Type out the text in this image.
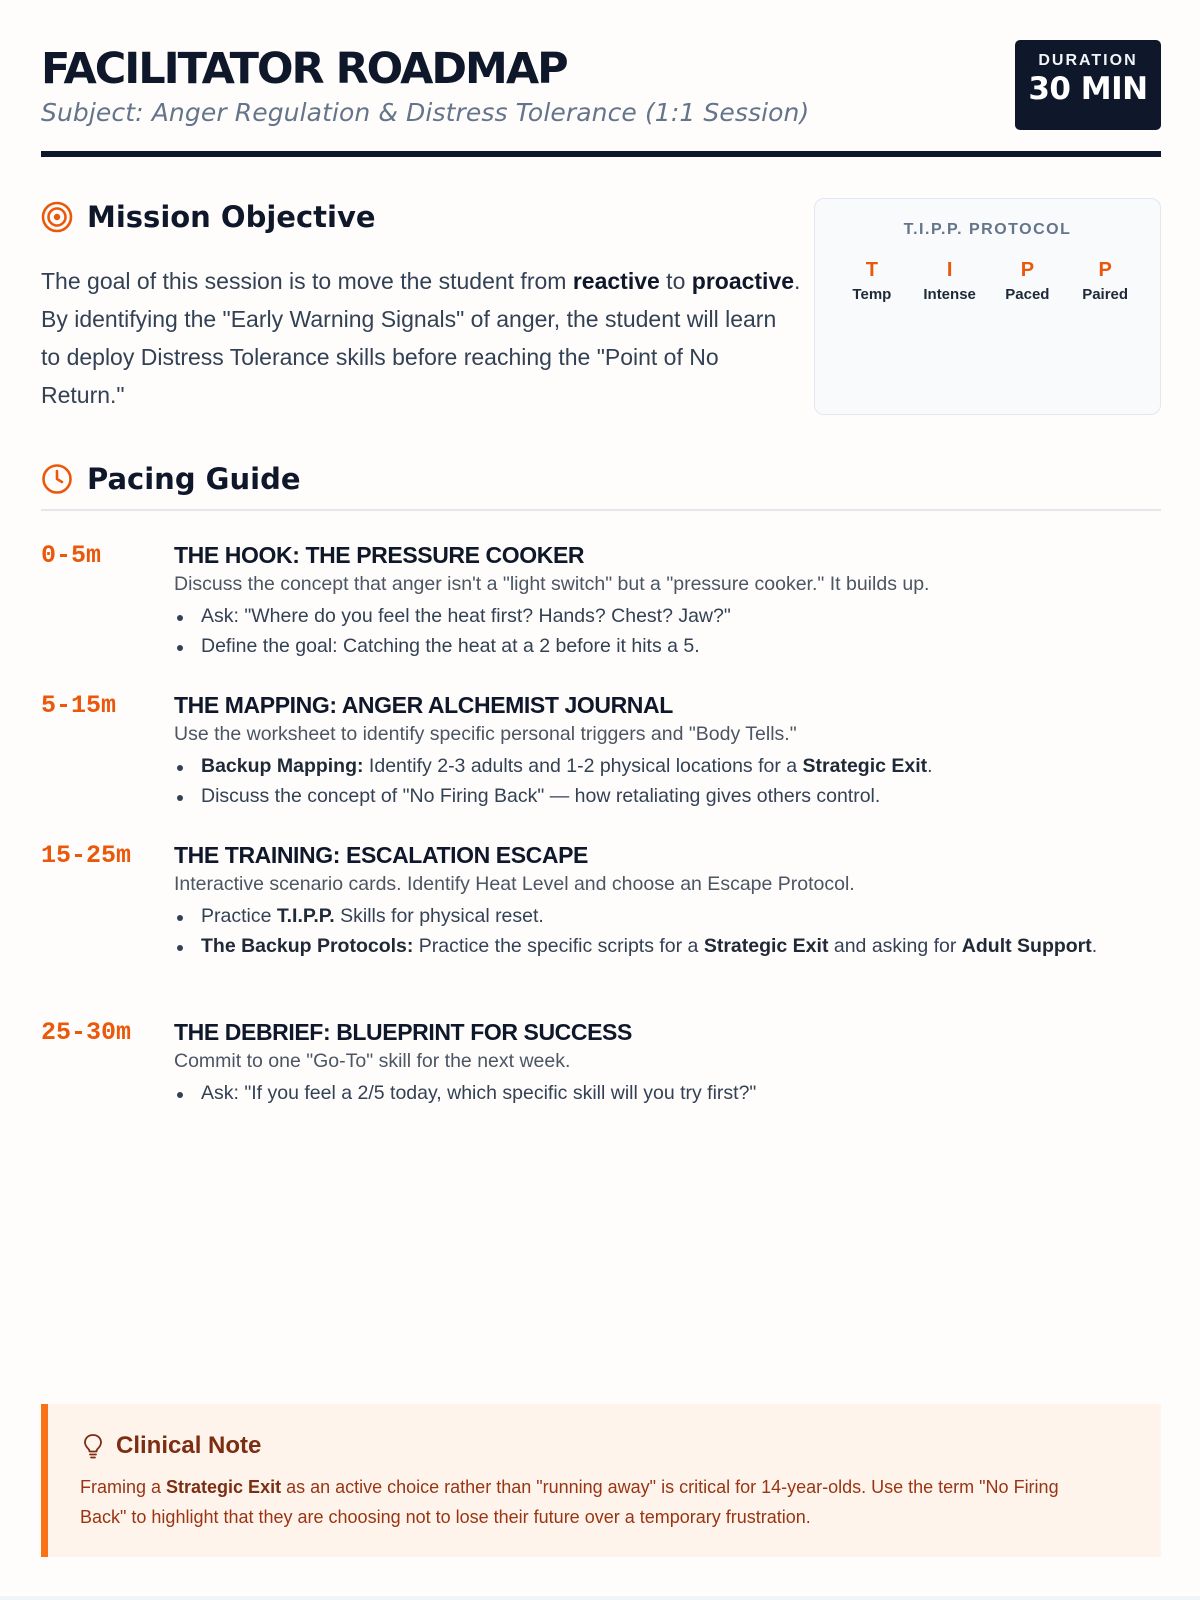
FACILITATOR ROADMAP
Subject: Anger Regulation & Distress Tolerance (1:1 Session)
DURATION
30 MIN
Mission Objective
The goal of this session is to move the student from reactive to proactive. By identifying the "Early Warning Signals" of anger, the student will learn to deploy Distress Tolerance skills before reaching the "Point of No Return."
T.I.P.P. PROTOCOL
T
Temp
I
Intense
P
Paced
P
Paired
Pacing Guide
0-5m	THE HOOK: THE PRESSURE COOKER
Discuss the concept that anger isn't a "light switch" but a "pressure cooker." It builds up.
Ask: "Where do you feel the heat first? Hands? Chest? Jaw?"
Define the goal: Catching the heat at a 2 before it hits a 5.
5-15m	THE MAPPING: ANGER ALCHEMIST JOURNAL
Use the worksheet to identify specific personal triggers and "Body Tells."
Backup Mapping: Identify 2-3 adults and 1-2 physical locations for a Strategic Exit.
Discuss the concept of "No Firing Back" — how retaliating gives others control.
15-25m THE TRAINING: ESCALATION ESCAPE
Interactive scenario cards. Identify Heat Level and choose an Escape Protocol.
Practice T.I.P.P. Skills for physical reset.
The Backup Protocols: Practice the specific scripts for a Strategic Exit and asking for Adult Support.
25-30m THE DEBRIEF: BLUEPRINT FOR SUCCESS
Commit to one "Go-To" skill for the next week.
Ask: "If you feel a 2/5 today, which specific skill will you try first?"
Clinical Note
Framing a Strategic Exit as an active choice rather than "running away" is critical for 14-year-olds. Use the term "No Firing Back" to highlight that they are choosing not to lose their future over a temporary frustration.
